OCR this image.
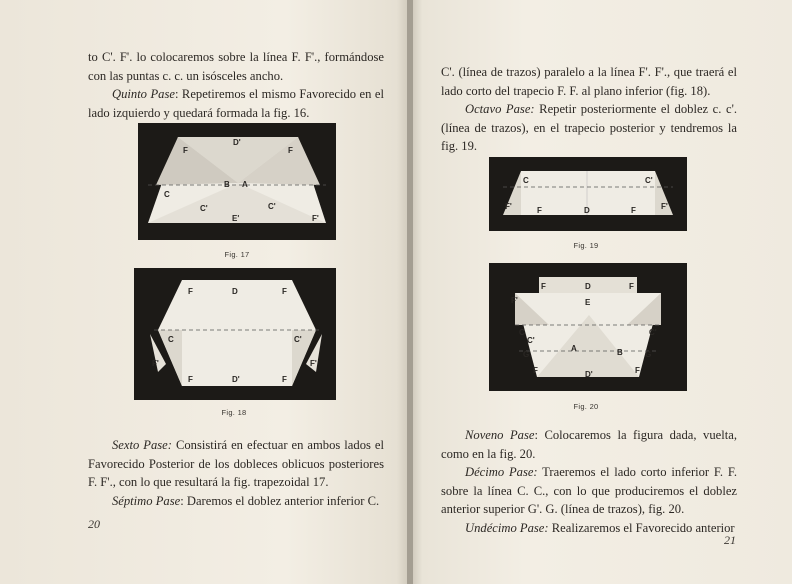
to C'. F'. lo colocaremos sobre la línea F. F'., formándose

con las puntas c. c. un isósceles ancho.

Quinto Pase: Repetiremos el mismo Favorecido en el lado izquierdo y quedará formada la fig. 16.

D'
F	F
B A
C
C'
C'
E'	F'
Fig. 17
F	D	F
C	C'
F'	F'
F	D'	F
Fig. 18

Sexto Pase: Consistirá en efectuar en ambos lados el Favorecido Posterior de los dobleces oblicuos posteriores F. F'., con lo que resultará la fig. trapezoidal 17.

Séptimo Pase: Daremos el doblez anterior inferior C.

20

C'. (línea de trazos) paralelo a la línea F'. F'., que traerá el lado corto del trapecio F. F. al plano inferior (fig. 18).

Octavo Pase: Repetir posteriormente el doblez c. c'. (línea de trazos), en el trapecio posterior y tendremos la fig. 19.

C	C'
F'	F	D	F	F'
Fig. 19
F	D	F
F'	E
C
C'
C'
G
A	B	G
F	D'	F
Fig. 20

Noveno Pase: Colocaremos la figura dada, vuelta, como en la fig. 20.

Décimo Pase: Traeremos el lado corto inferior F. F. sobre la línea C. C., con lo que produciremos el doblez anterior superior G'. G. (línea de trazos), fig. 20.

Undécimo Pase: Realizaremos el Favorecido anterior

21
